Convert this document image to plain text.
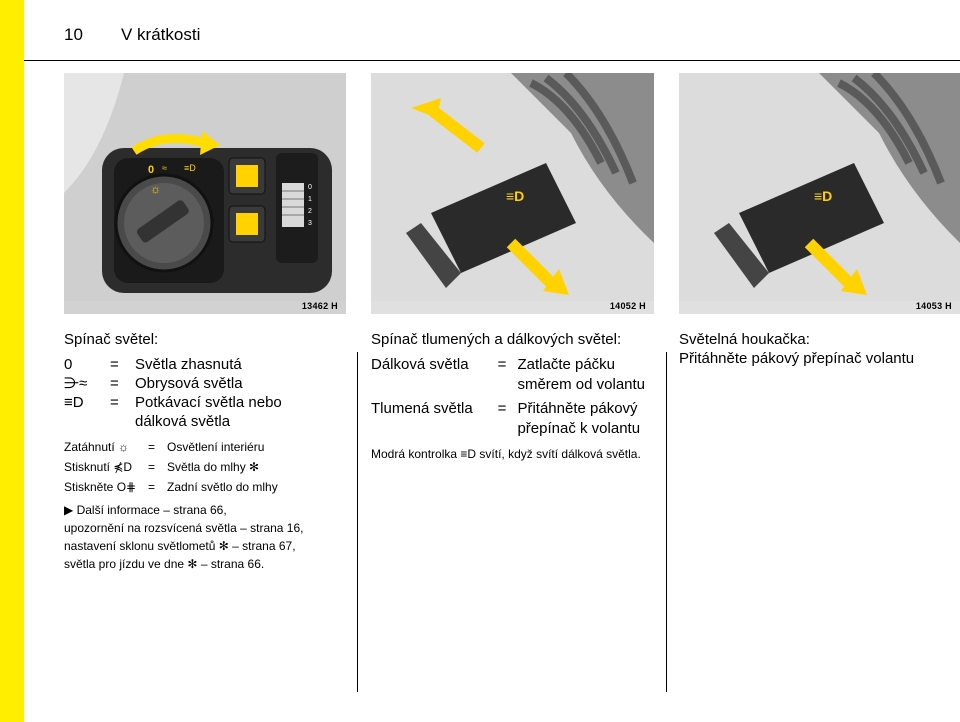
10 V krátkosti
0 ≈ ≡D
☼	0
1
2
3
13462 H
≡D
14052 H
≡D
14053 H
Spínač světel:
0	=	Světla zhasnutá
⋺≈	=	Obrysová světla
≡D	=	Potkávací světla nebo dálková světla
Zatáhnutí ☼	= Osvětlení interiéru
Stisknutí ⋠D	= Světla do mlhy ✻
Stiskněte O⋕ = Zadní světlo do mlhy
▶ Další informace – strana 66,
upozornění na rozsvícená světla – strana 16,
nastavení sklonu světlometů ✻ – strana 67,
světla pro jízdu ve dne ✻ – strana 66.
Spínač tlumených a dálkových světel:
Dálková světla	= Zatlačte páčku směrem od volantu
Tlumená světla	= Přitáhněte pákový přepínač k volantu
Modrá kontrolka ≡D svítí, když svítí dálková světla.
Světelná houkačka:
Přitáhněte pákový přepínač volantu
